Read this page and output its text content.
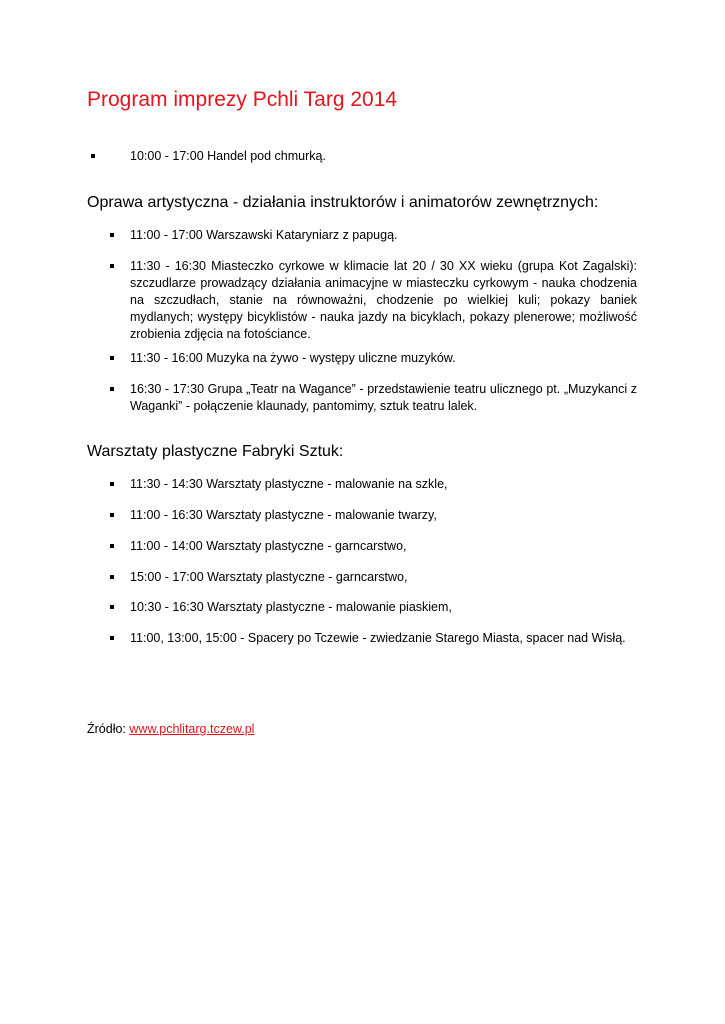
Program imprezy Pchli Targ 2014
10:00 - 17:00 Handel pod chmurką.
Oprawa artystyczna - działania instruktorów i animatorów zewnętrznych:
11:00 - 17:00 Warszawski Kataryniarz z papugą.
11:30 - 16:30 Miasteczko cyrkowe w klimacie lat 20 / 30 XX wieku (grupa Kot Zagalski): szczudlarze prowadzący działania animacyjne w miasteczku cyrkowym - nauka chodzenia na szczudłach, stanie na równoważni, chodzenie po wielkiej kuli; pokazy baniek mydlanych; występy bicyklistów - nauka jazdy na bicyklach, pokazy plenerowe; możliwość zrobienia zdjęcia na fotościance.
11:30 - 16:00 Muzyka na żywo - występy uliczne muzyków.
16:30 - 17:30 Grupa „Teatr na Wagance” - przedstawienie teatru ulicznego pt. „Muzykanci z Waganki” - połączenie klaunady, pantomimy, sztuk teatru lalek.
Warsztaty plastyczne Fabryki Sztuk:
11:30 - 14:30 Warsztaty plastyczne - malowanie na szkle,
11:00 - 16:30 Warsztaty plastyczne - malowanie twarzy,
11:00 - 14:00 Warsztaty plastyczne - garncarstwo,
15:00 - 17:00 Warsztaty plastyczne - garncarstwo,
10:30 - 16:30 Warsztaty plastyczne - malowanie piaskiem,
11:00, 13:00, 15:00 - Spacery po Tczewie - zwiedzanie Starego Miasta, spacer nad Wisłą.
Źródło: www.pchlitarg.tczew.pl
